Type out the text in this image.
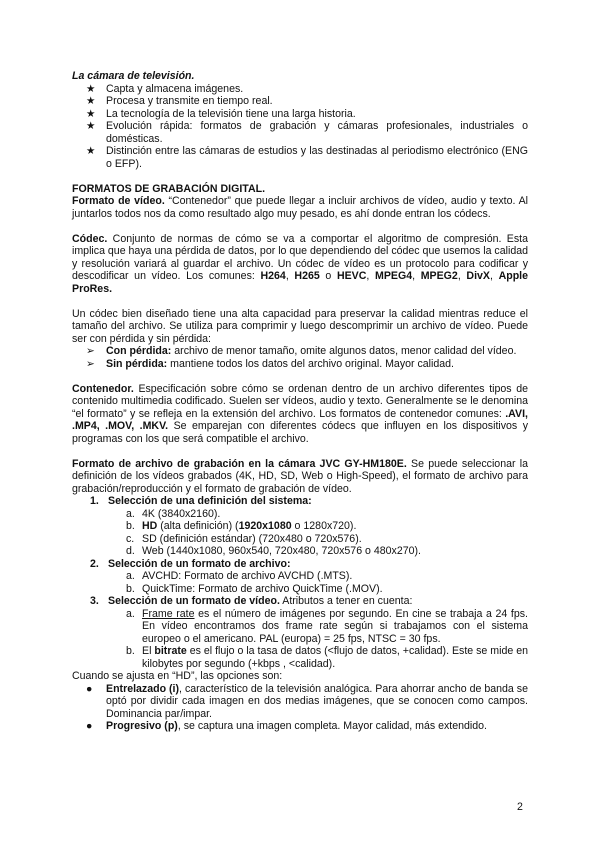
La cámara de televisión.

★ Capta y almacena imágenes.
★ Procesa y transmite en tiempo real.
★ La tecnología de la televisión tiene una larga historia.
★ Evolución rápida: formatos de grabación y cámaras profesionales, industriales o domésticas.
★ Distinción entre las cámaras de estudios y las destinadas al periodismo electrónico (ENG o EFP).

FORMATOS DE GRABACIÓN DIGITAL.

Formato de vídeo. “Contenedor” que puede llegar a incluir archivos de vídeo, audio y texto. Al juntarlos todos nos da como resultado algo muy pesado, es ahí donde entran los códecs.

Códec. Conjunto de normas de cómo se va a comportar el algoritmo de compresión. Esta implica que haya una pérdida de datos, por lo que dependiendo del códec que usemos la calidad y resolución variará al guardar el archivo. Un códec de vídeo es un protocolo para codificar y descodificar un vídeo. Los comunes: H264, H265 o HEVC, MPEG4, MPEG2, DivX, Apple ProRes.

Un códec bien diseñado tiene una alta capacidad para preservar la calidad mientras reduce el tamaño del archivo. Se utiliza para comprimir y luego descomprimir un archivo de vídeo. Puede ser con pérdida y sin pérdida:

➢ Con pérdida: archivo de menor tamaño, omite algunos datos, menor calidad del vídeo.
➢ Sin pérdida: mantiene todos los datos del archivo original. Mayor calidad.

Contenedor. Especificación sobre cómo se ordenan dentro de un archivo diferentes tipos de contenido multimedia codificado. Suelen ser vídeos, audio y texto. Generalmente se le denomina “el formato” y se refleja en la extensión del archivo. Los formatos de contenedor comunes: .AVI, .MP4, .MOV, .MKV. Se emparejan con diferentes códecs que influyen en los dispositivos y programas con los que será compatible el archivo.

Formato de archivo de grabación en la cámara JVC GY-HM180E. Se puede seleccionar la definición de los vídeos grabados (4K, HD, SD, Web o High-Speed), el formato de archivo para grabación/reproducción y el formato de grabación de vídeo.

1. Selección de una definición del sistema:
a. 4K (3840x2160).
b. HD (alta definición) (1920x1080 o 1280x720).
c. SD (definición estándar) (720x480 o 720x576).
d. Web (1440x1080, 960x540, 720x480, 720x576 o 480x270).
2. Selección de un formato de archivo:
a. AVCHD: Formato de archivo AVCHD (.MTS).
b. QuickTime: Formato de archivo QuickTime (.MOV).
3. Selección de un formato de vídeo. Atributos a tener en cuenta:
a. Frame rate es el número de imágenes por segundo. En cine se trabaja a 24 fps. En vídeo encontramos dos frame rate según si trabajamos con el sistema europeo o el americano. PAL (europa) = 25 fps, NTSC = 30 fps.
b. El bitrate es el flujo o la tasa de datos (<flujo de datos, +calidad). Este se mide en kilobytes por segundo (+kbps , <calidad).

Cuando se ajusta en “HD”, las opciones son:

● Entrelazado (i), característico de la televisión analógica. Para ahorrar ancho de banda se optó por dividir cada imagen en dos medias imágenes, que se conocen como campos. Dominancia par/impar.
● Progresivo (p), se captura una imagen completa. Mayor calidad, más extendido.
2
